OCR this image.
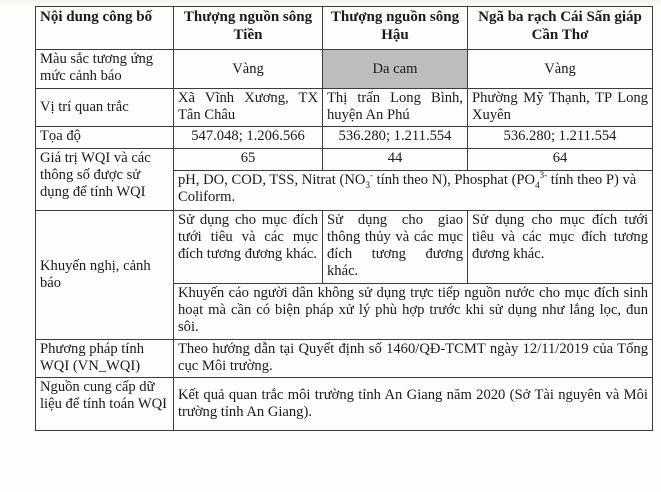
Nội dung công bố	Thượng nguồn sông Tiền	Thượng nguồn sông Hậu	Ngã ba rạch Cái Sấn giáp Cần Thơ
Màu sắc tương ứng mức cảnh báo	Vàng	Da cam	Vàng
Vị trí quan trắc	Xã Vĩnh Xương, TX Tân Châu	Thị trấn Long Bình, huyện An Phú	Phường Mỹ Thạnh, TP Long Xuyên
Tọa độ	547.048; 1.206.566	536.280; 1.211.554	536.280; 1.211.554
Giá trị WQI và các thông số được sử dụng để tính WQI	65	44	64
	pH, DO, COD, TSS, Nitrat ($NO_3^-$ tính theo N), Phosphat ($PO_4^{3-}$ tính theo P) và Coliform.		
Khuyến nghị, cảnh báo	Sử dụng cho mục đích tưới tiêu và các mục đích tương đương khác.	Sử dụng cho giao thông thủy và các mục đích tương đương khác.	Sử dụng cho mục đích tưới tiêu và các mục đích tương đương khác.
	Khuyến cáo người dân không sử dụng trực tiếp nguồn nước cho mục đích sinh hoạt mà cần có biện pháp xử lý phù hợp trước khi sử dụng như lắng lọc, đun sôi.		
Phương pháp tính WQI (VN_WQI)	Theo hướng dẫn tại Quyết định số 1460/QĐ-TCMT ngày 12/11/2019 của Tổng cục Môi trường.		
Nguồn cung cấp dữ liệu để tính toán WQI	Kết quả quan trắc môi trường tỉnh An Giang năm 2020 (Sở Tài nguyên và Môi trường tỉnh An Giang).		
